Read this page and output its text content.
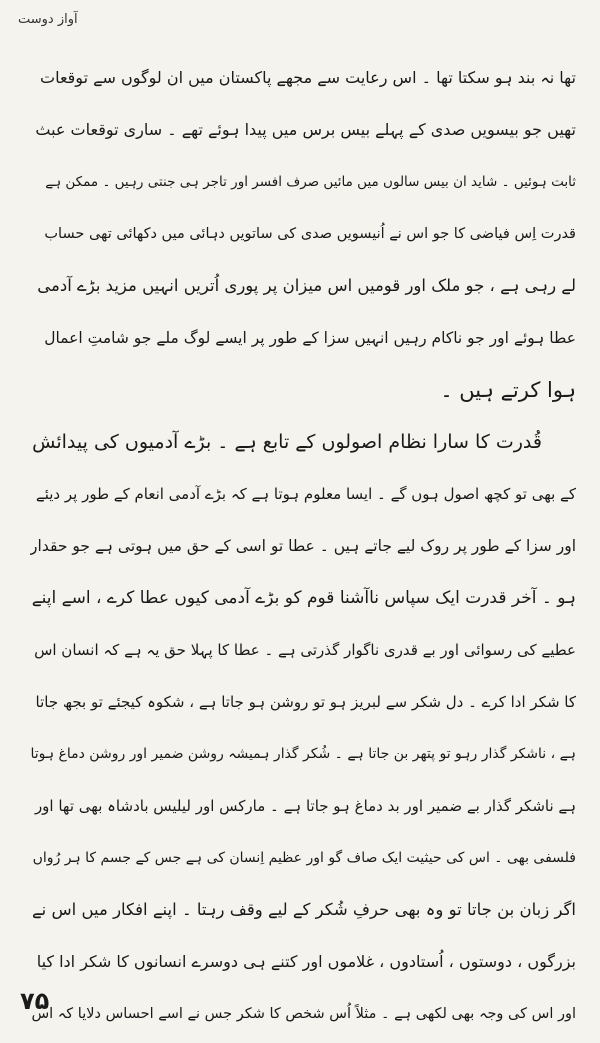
آواز دوست
تھا نہ بند ہو سکتا تھا ۔ اس رعایت سے مجھے پاکستان میں ان لوگوں سے توقعات
تھیں جو بیسویں صدی کے پہلے بیس برس میں پیدا ہوئے تھے ۔ ساری توقعات عبث
ثابت ہوئیں ۔ شاید ان بیس سالوں میں مائیں صرف افسر اور تاجر ہی جنتی رہیں ۔ ممکن ہے
قدرت اِس فیاضی کا جو اس نے اُنیسویں صدی کی ساتویں دہائی میں دکھائی تھی حساب
لے رہی ہے ، جو ملک اور قومیں اس میزان پر پوری اُتریں انہیں مزید بڑے آدمی
عطا ہوئے اور جو ناکام رہیں انہیں سزا کے طور پر ایسے لوگ ملے جو شامتِ اعمال
ہوا کرتے ہیں ۔
قُدرت کا سارا نظام اصولوں کے تابع ہے ۔ بڑے آدمیوں کی پیدائش
کے بھی تو کچھ اصول ہوں گے ۔ ایسا معلوم ہوتا ہے کہ بڑے آدمی انعام کے طور پر دیئے
اور سزا کے طور پر روک لیے جاتے ہیں ۔ عطا تو اسی کے حق میں ہوتی ہے جو حقدار
ہو ۔ آخر قدرت ایک سپاس ناآشنا قوم کو بڑے آدمی کیوں عطا کرے ، اسے اپنے
عطیے کی رسوائی اور بے قدری ناگوار گذرتی ہے ۔ عطا کا پہلا حق یہ ہے کہ انسان اس
کا شکر ادا کرے ۔ دل شکر سے لبریز ہو تو روشن ہو جاتا ہے ، شکوہ کیجئے تو بجھ جاتا
ہے ، ناشکر گذار رہو تو پتھر بن جاتا ہے ۔ شُکر گذار ہمیشہ روشن ضمیر اور روشن دماغ ہوتا
ہے ناشکر گذار بے ضمیر اور بد دماغ ہو جاتا ہے ۔ مارکس اور لیلیس بادشاہ بھی تھا اور
فلسفی بھی ۔ اس کی حیثیت ایک صاف گو اور عظیم اِنسان کی ہے جس کے جسم کا ہر رُواں
اگر زبان بن جاتا تو وہ بھی حرفِ شُکر کے لیے وقف رہتا ۔ اپنے افکار میں اس نے
بزرگوں ، دوستوں ، اُستادوں ، غلاموں اور کتنے ہی دوسرے انسانوں کا شکر ادا کیا
اور اس کی وجہ بھی لکھی ہے ۔ مثلاً اُس شخص کا شکر جس نے اسے احساس دلایا کہ اس
۷۵
